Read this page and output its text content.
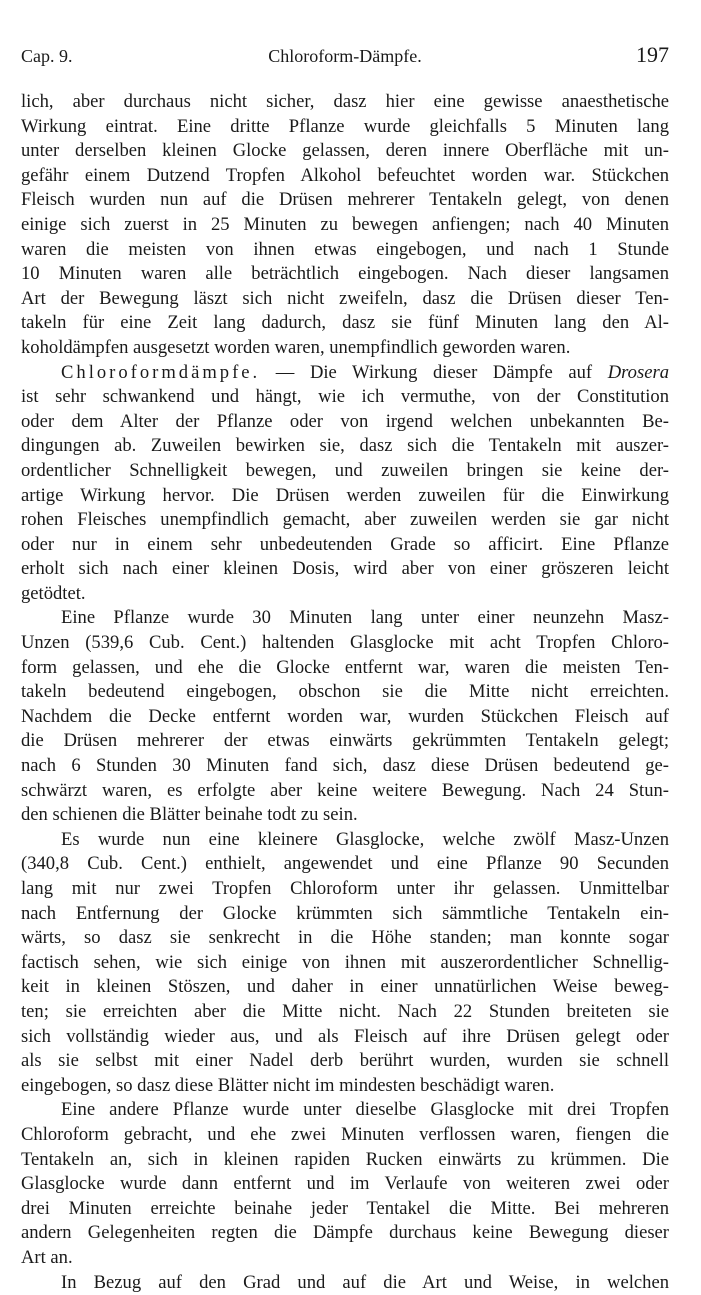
Cap. 9.	Chloroform-Dämpfe.	197
lich, aber durchaus nicht sicher, dasz hier eine gewisse anaesthetische
Wirkung eintrat. Eine dritte Pflanze wurde gleichfalls 5 Minuten lang
unter derselben kleinen Glocke gelassen, deren innere Oberfläche mit un-
gefähr einem Dutzend Tropfen Alkohol befeuchtet worden war. Stückchen
Fleisch wurden nun auf die Drüsen mehrerer Tentakeln gelegt, von denen
einige sich zuerst in 25 Minuten zu bewegen anfiengen; nach 40 Minuten
waren die meisten von ihnen etwas eingebogen, und nach 1 Stunde
10 Minuten waren alle beträchtlich eingebogen. Nach dieser langsamen
Art der Bewegung läszt sich nicht zweifeln, dasz die Drüsen dieser Ten-
takeln für eine Zeit lang dadurch, dasz sie fünf Minuten lang den Al-
koholdämpfen ausgesetzt worden waren, unempfindlich geworden waren.
Chloroformdämpfe. — Die Wirkung dieser Dämpfe auf Drosera
ist sehr schwankend und hängt, wie ich vermuthe, von der Constitution
oder dem Alter der Pflanze oder von irgend welchen unbekannten Be-
dingungen ab. Zuweilen bewirken sie, dasz sich die Tentakeln mit auszer-
ordentlicher Schnelligkeit bewegen, und zuweilen bringen sie keine der-
artige Wirkung hervor. Die Drüsen werden zuweilen für die Einwirkung
rohen Fleisches unempfindlich gemacht, aber zuweilen werden sie gar nicht
oder nur in einem sehr unbedeutenden Grade so afficirt. Eine Pflanze
erholt sich nach einer kleinen Dosis, wird aber von einer gröszeren leicht
getödtet.
Eine Pflanze wurde 30 Minuten lang unter einer neunzehn Masz-
Unzen (539,6 Cub. Cent.) haltenden Glasglocke mit acht Tropfen Chloro-
form gelassen, und ehe die Glocke entfernt war, waren die meisten Ten-
takeln bedeutend eingebogen, obschon sie die Mitte nicht erreichten.
Nachdem die Decke entfernt worden war, wurden Stückchen Fleisch auf
die Drüsen mehrerer der etwas einwärts gekrümmten Tentakeln gelegt;
nach 6 Stunden 30 Minuten fand sich, dasz diese Drüsen bedeutend ge-
schwärzt waren, es erfolgte aber keine weitere Bewegung. Nach 24 Stun-
den schienen die Blätter beinahe todt zu sein.
Es wurde nun eine kleinere Glasglocke, welche zwölf Masz-Unzen
(340,8 Cub. Cent.) enthielt, angewendet und eine Pflanze 90 Secunden
lang mit nur zwei Tropfen Chloroform unter ihr gelassen. Unmittelbar
nach Entfernung der Glocke krümmten sich sämmtliche Tentakeln ein-
wärts, so dasz sie senkrecht in die Höhe standen; man konnte sogar
factisch sehen, wie sich einige von ihnen mit auszerordentlicher Schnellig-
keit in kleinen Stöszen, und daher in einer unnatürlichen Weise beweg-
ten; sie erreichten aber die Mitte nicht. Nach 22 Stunden breiteten sie
sich vollständig wieder aus, und als Fleisch auf ihre Drüsen gelegt oder
als sie selbst mit einer Nadel derb berührt wurden, wurden sie schnell
eingebogen, so dasz diese Blätter nicht im mindesten beschädigt waren.
Eine andere Pflanze wurde unter dieselbe Glasglocke mit drei Tropfen
Chloroform gebracht, und ehe zwei Minuten verflossen waren, fiengen die
Tentakeln an, sich in kleinen rapiden Rucken einwärts zu krümmen. Die
Glasglocke wurde dann entfernt und im Verlaufe von weiteren zwei oder
drei Minuten erreichte beinahe jeder Tentakel die Mitte. Bei mehreren
andern Gelegenheiten regten die Dämpfe durchaus keine Bewegung dieser
Art an.
In Bezug auf den Grad und auf die Art und Weise, in welchen
